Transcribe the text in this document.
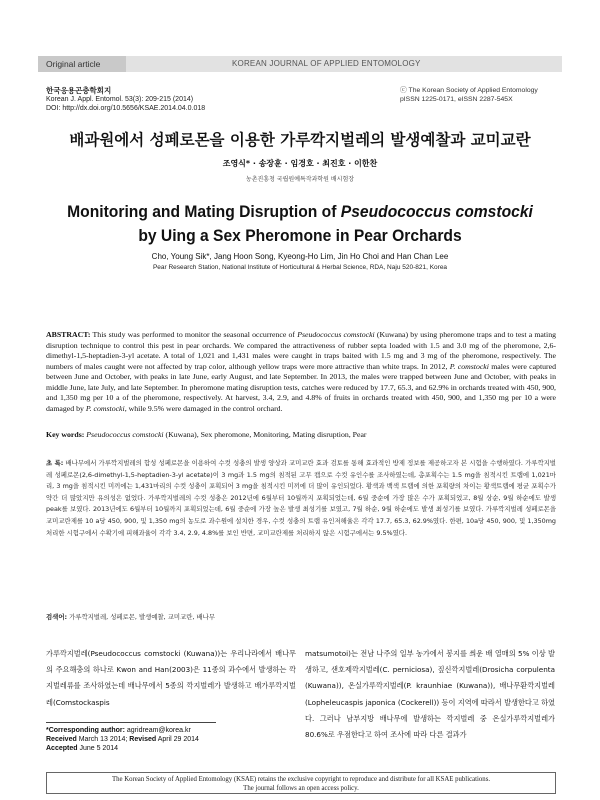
Original article	KOREAN JOURNAL OF APPLIED ENTOMOLOGY
한국응용곤충학회지
Korean J. Appl. Entomol. 53(3): 209-215 (2014)
DOI: http://dx.doi.org/10.5656/KSAE.2014.04.0.018
ⓒ The Korean Society of Applied Entomology
pISSN 1225-0171, eISSN 2287-545X
배과원에서 성페로몬을 이용한 가루깍지벌레의 발생예찰과 교미교란
조영식* · 송장훈 · 임경호 · 최진호 · 이한찬
농촌진흥청 국립원예특작과학원 배시험장
Monitoring and Mating Disruption of Pseudococcus comstocki by Uing a Sex Pheromone in Pear Orchards
Cho, Young Sik*, Jang Hoon Song, Kyeong-Ho Lim, Jin Ho Choi and Han Chan Lee
Pear Research Station, National Institute of Horticultural & Herbal Science, RDA, Naju 520-821, Korea
ABSTRACT: This study was performed to monitor the seasonal occurrence of Pseudococcus comstocki (Kuwana) by using pheromone traps and to test a mating disruption technique to control this pest in pear orchards. We compared the attractiveness of rubber septa loaded with 1.5 and 3.0 mg of the pheromone, 2,6-dimethyl-1,5-heptadien-3-yl acetate. A total of 1,021 and 1,431 males were caught in traps baited with 1.5 mg and 3 mg of the pheromone, respectively. The numbers of males caught were not affected by trap color, although yellow traps were more attractive than white traps. In 2012, P. comstocki males were captured between June and October, with peaks in late June, early August, and late September. In 2013, the males were trapped between June and October, with peaks in middle June, late July, and late September. In pheromone mating disruption tests, catches were reduced by 17.7, 65.3, and 62.9% in orchards treated with 450, 900, and 1,350 mg per 10 a of the pheromone, respectively. At harvest, 3.4, 2.9, and 4.8% of fruits in orchards treated with 450, 900, and 1,350 mg per 10 a were damaged by P. comstocki, while 9.5% were damaged in the control orchard.
Key words: Pseudococcus comstocki (Kuwana), Sex pheromone, Monitoring, Mating disruption, Pear
초 록: 배나무에서 가루깍지벌레의 합성 성페로몬을 이용하여 수컷 성충의 발생 양상과 교미교란 효과 검토를 통해 효과적인 방제 정보를 제공하고자 본 시험을 수행하였다. 가루깍지벌레 성페로몬(2,6-dimethyl-1,5-heptadien-3-yl acetate)이 3 mg과 1.5 mg의 침적된 고무 캡으로 수컷 유인수를 조사하였는데, 총포획수는 1.5 mg을 침적시킨 트랩에 1,021마리, 3 mg을 침적시킨 미끼에는 1,431마리의 수컷 성충이 포획되어 3 mg을 침적시킨 미끼에 더 많이 유인되었다. 황색과 백색 트랩에 의한 포획량의 차이는 황색트랩에 평균 포획수가 약간 더 많았지만 유의성은 없었다. 가루깍지벌레의 수컷 성충은 2012년에 6월부터 10월까지 포획되었는데, 6월 중순에 가장 많은 수가 포획되었고, 8월 상순, 9월 하순에도 발생 peak를 보였다. 2013년에도 6월부터 10월까지 포획되었는데, 6월 중순에 가장 높은 발생 최성기를 보였고, 7월 하순, 9월 하순에도 발생 최성기를 보였다. 가루깍지벌레 성페로몬을 교미교란제를 10 a당 450, 900, 및 1,350 mg의 농도로 과수원에 설치한 경우, 수컷 성충의 트랩 유인저해율은 각각 17.7, 65.3, 62.9%였다. 한편, 10a당 450, 900, 및 1,350mg 처리한 시험구에서 수확기에 피해과율이 각각 3.4, 2.9, 4.8%를 보인 반면, 교미교란제를 처리하지 않은 시험구에서는 9.5%였다.
검색어: 가루깍지벌레, 성페로몬, 발생예찰, 교미교란, 배나무
가루깍지벌레(Pseudococcus comstocki (Kuwana))는 우리나라에서 배나무의 주요해충의 하나로 Kwon and Han(2003)은 11종의 과수에서 발생하는 깍지벌레류를 조사하였는데 배나무에서 5종의 깍지벌레가 발생하고 배가루깍지벌레(Comstockaspis
matsumotoi)는 전남 나주의 일부 농가에서 봉지를 씌운 배 열매의 5% 이상 발생하고, 샌호제깍지벌레(C. perniciosa), 짚신깍지벌레(Drosicha corpulenta (Kuwana)), 온실가루깍지벌레(P. kraunhiae (Kuwana)), 배나무환깍지벌레(Lopheleucaspis japonica (Cockerell)) 등이 지역에 따라서 발생한다고 하였다. 그러나 남부지방 배나무에 발생하는 깍지벌레 중 온실가루깍지벌레가 80.6%로 우점한다고 하여 조사에 따라 다른 결과가
*Corresponding author: agridream@korea.kr
Received March 13 2014; Revised April 29 2014
Accepted June 5 2014
The Korean Society of Applied Entomology (KSAE) retains the exclusive copyright to reproduce and distribute for all KSAE publications.
The journal follows an open access policy.
